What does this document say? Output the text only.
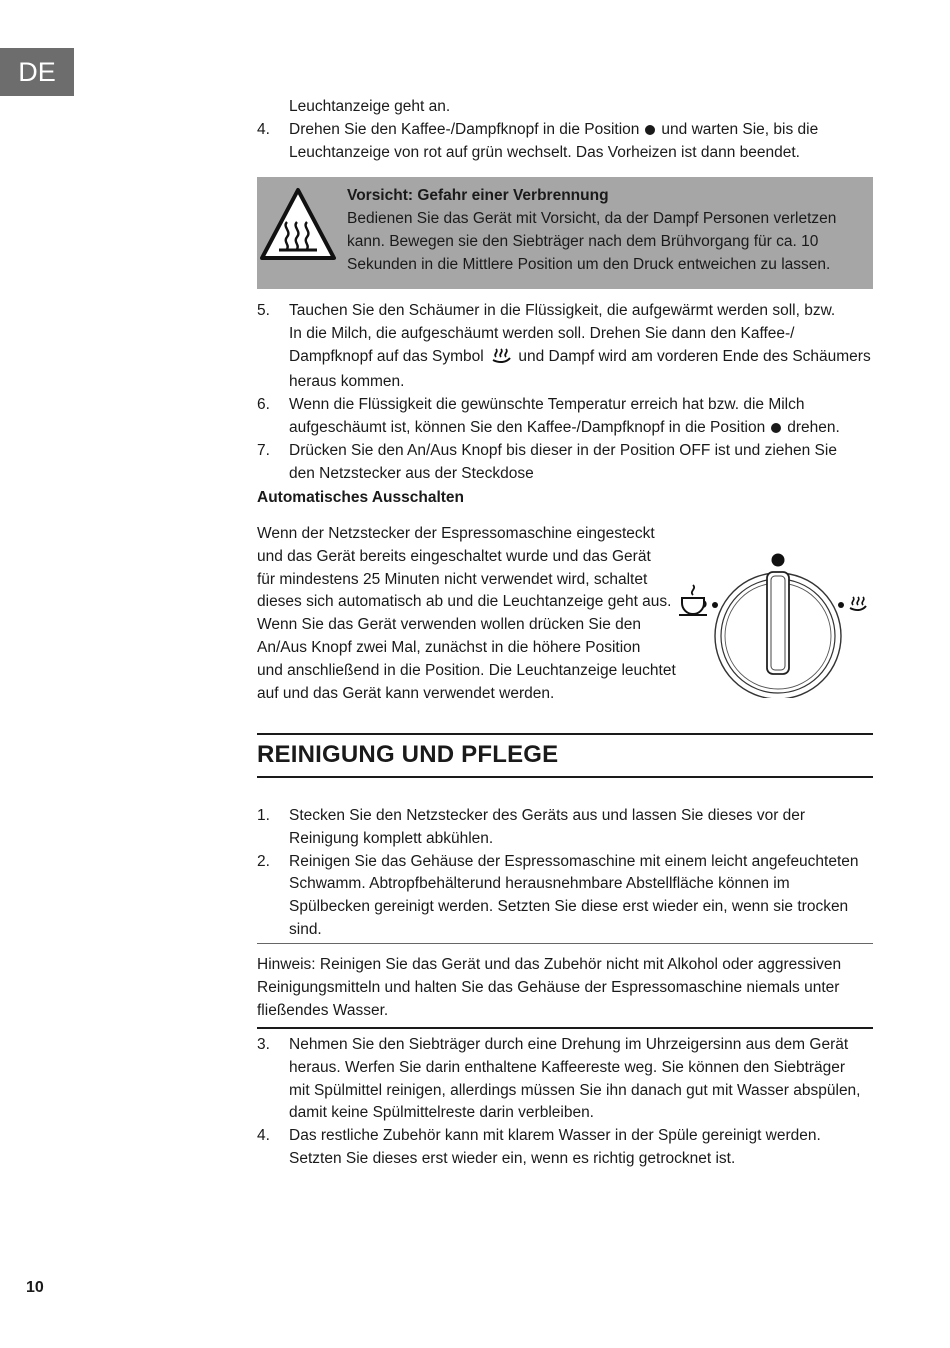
DE
Leuchtanzeige geht an.
4. Drehen Sie den Kaffee-/Dampfknopf in die Position und warten Sie, bis die
Leuchtanzeige von rot auf grün wechselt. Das Vorheizen ist dann beendet.
Vorsicht: Gefahr einer Verbrennung
Bedienen Sie das Gerät mit Vorsicht, da der Dampf Personen verletzen
kann. Bewegen sie den Siebträger nach dem Brühvorgang für ca. 10
Sekunden in die Mittlere Position um den Druck entweichen zu lassen.
5. Tauchen Sie den Schäumer in die Flüssigkeit, die aufgewärmt werden soll, bzw.
In die Milch, die aufgeschäumt werden soll. Drehen Sie dann den Kaffee-/
Dampfknopf auf das Symbol und Dampf wird am vorderen Ende des Schäumers
heraus kommen.
6. Wenn die Flüssigkeit die gewünschte Temperatur erreich hat bzw. die Milch
aufgeschäumt ist, können Sie den Kaffee-/Dampfknopf in die Position drehen.
7. Drücken Sie den An/Aus Knopf bis dieser in der Position OFF ist und ziehen Sie
den Netzstecker aus der Steckdose
Automatisches Ausschalten
Wenn der Netzstecker der Espressomaschine eingesteckt
und das Gerät bereits eingeschaltet wurde und das Gerät
für mindestens 25 Minuten nicht verwendet wird, schaltet
dieses sich automatisch ab und die Leuchtanzeige geht aus.
Wenn Sie das Gerät verwenden wollen drücken Sie den
An/Aus Knopf zwei Mal, zunächst in die höhere Position
und anschließend in die Position. Die Leuchtanzeige leuchtet
auf und das Gerät kann verwendet werden.
REINIGUNG UND PFLEGE
1. Stecken Sie den Netzstecker des Geräts aus und lassen Sie dieses vor der
Reinigung komplett abkühlen.
2. Reinigen Sie das Gehäuse der Espressomaschine mit einem leicht angefeuchteten
Schwamm. Abtropfbehälterund herausnehmbare Abstellfläche können im
Spülbecken gereinigt werden. Setzten Sie diese erst wieder ein, wenn sie trocken
sind.
Hinweis: Reinigen Sie das Gerät und das Zubehör nicht mit Alkohol oder aggressiven
Reinigungsmitteln und halten Sie das Gehäuse der Espressomaschine niemals unter
fließendes Wasser.
3. Nehmen Sie den Siebträger durch eine Drehung im Uhrzeigersinn aus dem Gerät
heraus. Werfen Sie darin enthaltene Kaffeereste weg. Sie können den Siebträger
mit Spülmittel reinigen, allerdings müssen Sie ihn danach gut mit Wasser abspülen,
damit keine Spülmittelreste darin verbleiben.
4. Das restliche Zubehör kann mit klarem Wasser in der Spüle gereinigt werden.
Setzten Sie dieses erst wieder ein, wenn es richtig getrocknet ist.
10
